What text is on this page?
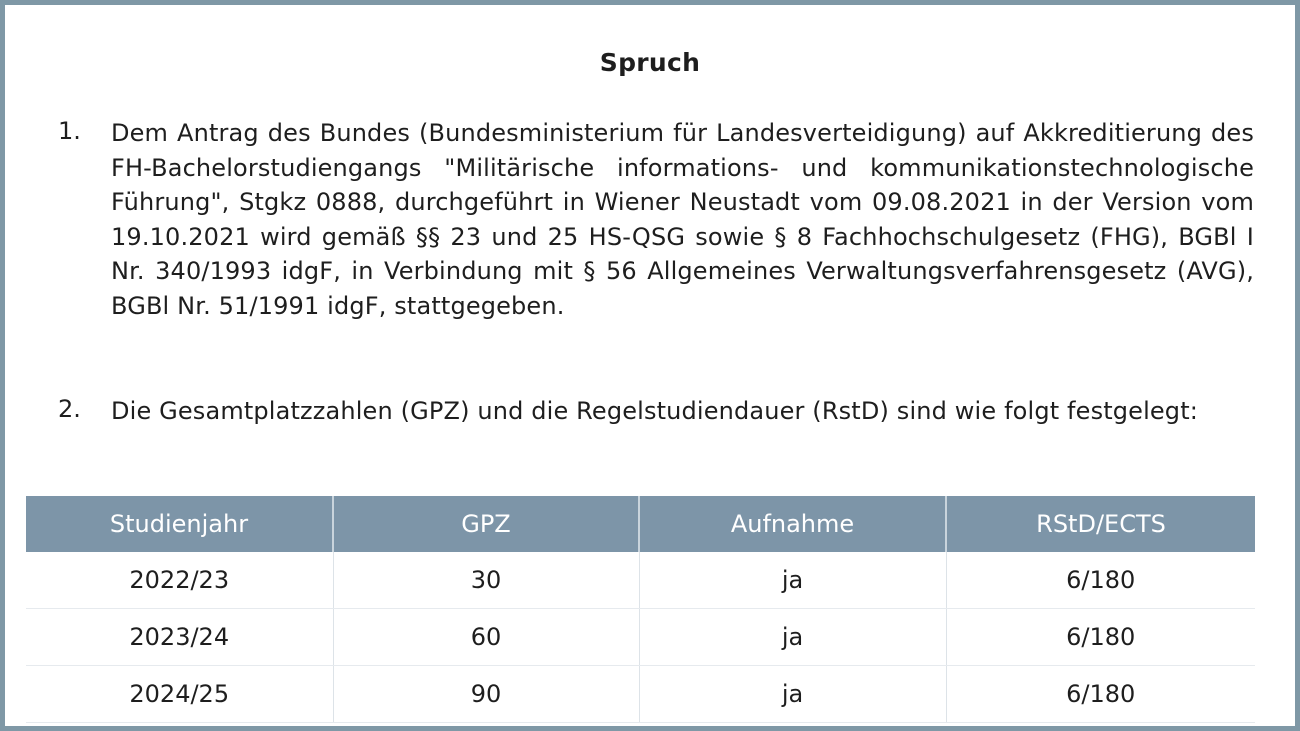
Spruch
1. Dem Antrag des Bundes (Bundesministerium für Landesverteidigung) auf Akkreditierung des FH-Bachelorstudiengangs "Militärische informations- und kommunikationstechnologische Führung", Stgkz 0888, durchgeführt in Wiener Neustadt vom 09.08.2021 in der Version vom 19.10.2021 wird gemäß §§ 23 und 25 HS-QSG sowie § 8 Fachhochschulgesetz (FHG), BGBl I Nr. 340/1993 idgF, in Verbindung mit § 56 Allgemeines Verwaltungsverfahrensgesetz (AVG), BGBl Nr. 51/1991 idgF, stattgegeben.

2. Die Gesamtplatzzahlen (GPZ) und die Regelstudiendauer (RstD) sind wie folgt festgelegt:

Studienjahr	GPZ	Aufnahme	RStD/ECTS
2022/23	30	ja	6/180
2023/24	60	ja	6/180
2024/25	90	ja	6/180
